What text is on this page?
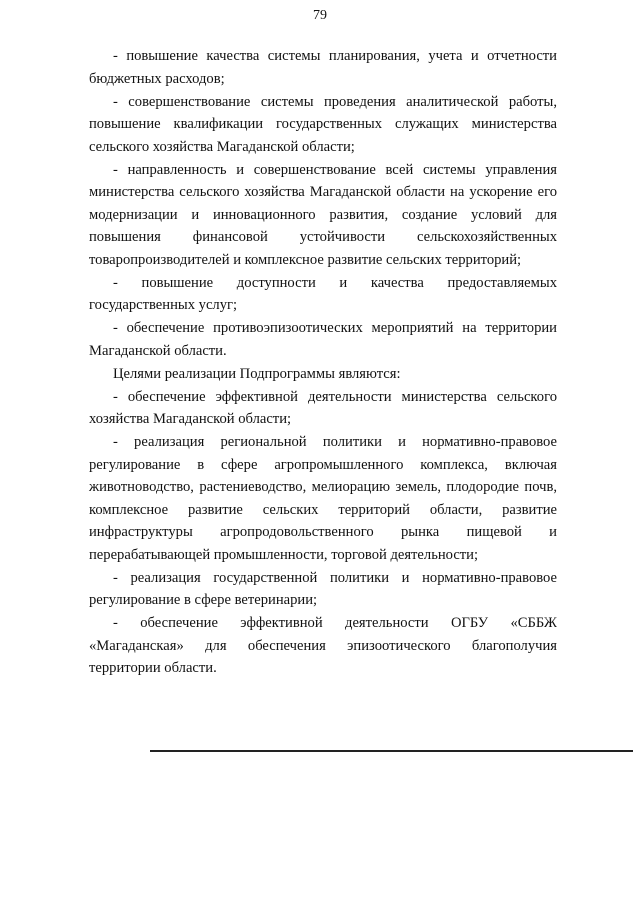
79

- повышение качества системы планирования, учета и отчетности бюджетных расходов;

- совершенствование системы проведения аналитической работы, повышение квалификации государственных служащих министерства сельского хозяйства Магаданской области;

- направленность и совершенствование всей системы управления министерства сельского хозяйства Магаданской области на ускорение его модернизации и инновационного развития, создание условий для повышения финансовой устойчивости сельскохозяйственных товаропроизводителей и комплексное развитие сельских территорий;

- повышение доступности и качества предоставляемых государственных услуг;

- обеспечение противоэпизоотических мероприятий на территории Магаданской области.

Целями реализации Подпрограммы являются:

- обеспечение эффективной деятельности министерства сельского хозяйства Магаданской области;

- реализация региональной политики и нормативно-правовое регулирование в сфере агропромышленного комплекса, включая животноводство, растениеводство, мелиорацию земель, плодородие почв, комплексное развитие сельских территорий области, развитие инфраструктуры агропродовольственного рынка пищевой и перерабатывающей промышленности, торговой деятельности;

- реализация государственной политики и нормативно-правовое регулирование в сфере ветеринарии;

- обеспечение эффективной деятельности ОГБУ «СББЖ «Магаданская» для обеспечения эпизоотического благополучия территории области.
